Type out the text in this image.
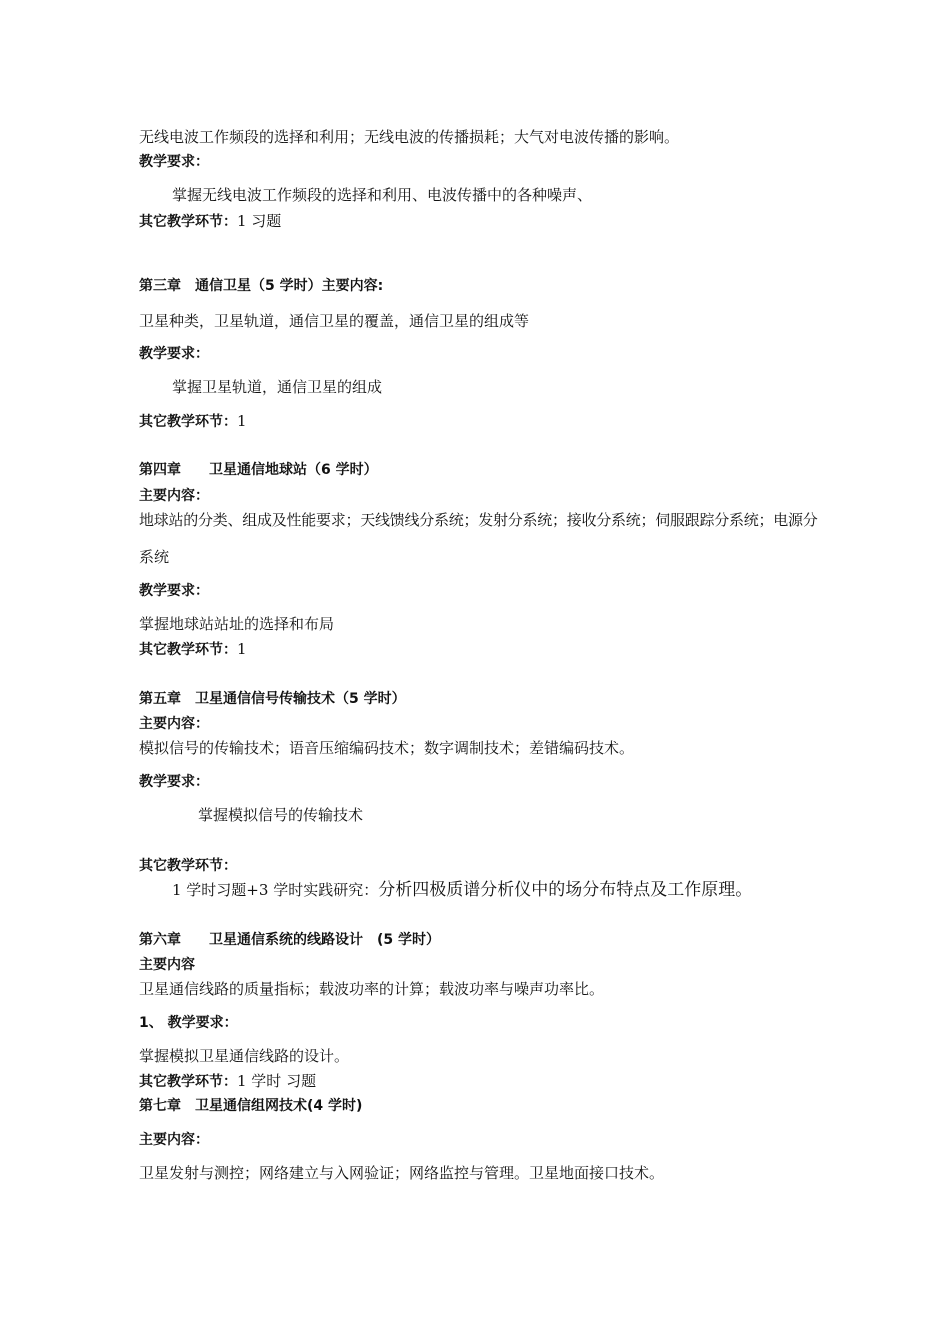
无线电波工作频段的选择和利用；无线电波的传播损耗；大气对电波传播的影响。
教学要求：
掌握无线电波工作频段的选择和利用、电波传播中的各种噪声、
其它教学环节：1 习题
第三章　通信卫星（5 学时）主要内容:
卫星种类，卫星轨道，通信卫星的覆盖，通信卫星的组成等
教学要求：
掌握卫星轨道，通信卫星的组成
其它教学环节：1
第四章　　卫星通信地球站（6 学时）
主要内容：
地球站的分类、组成及性能要求；天线馈线分系统；发射分系统；接收分系统；伺服跟踪分系统；电源分
系统
教学要求：
掌握地球站站址的选择和布局
其它教学环节：1
第五章　卫星通信信号传输技术（5 学时）
主要内容：
模拟信号的传输技术；语音压缩编码技术；数字调制技术；差错编码技术。
教学要求：
掌握模拟信号的传输技术
其它教学环节：
1 学时习题+3 学时实践研究：分析四极质谱分析仪中的场分布特点及工作原理。
第六章　　卫星通信系统的线路设计　(5 学时）
主要内容
卫星通信线路的质量指标；载波功率的计算；载波功率与噪声功率比。
1、 教学要求：
掌握模拟卫星通信线路的设计。
其它教学环节：1 学时 习题
第七章　卫星通信组网技术(4 学时)
主要内容：
卫星发射与测控；网络建立与入网验证；网络监控与管理。卫星地面接口技术。
